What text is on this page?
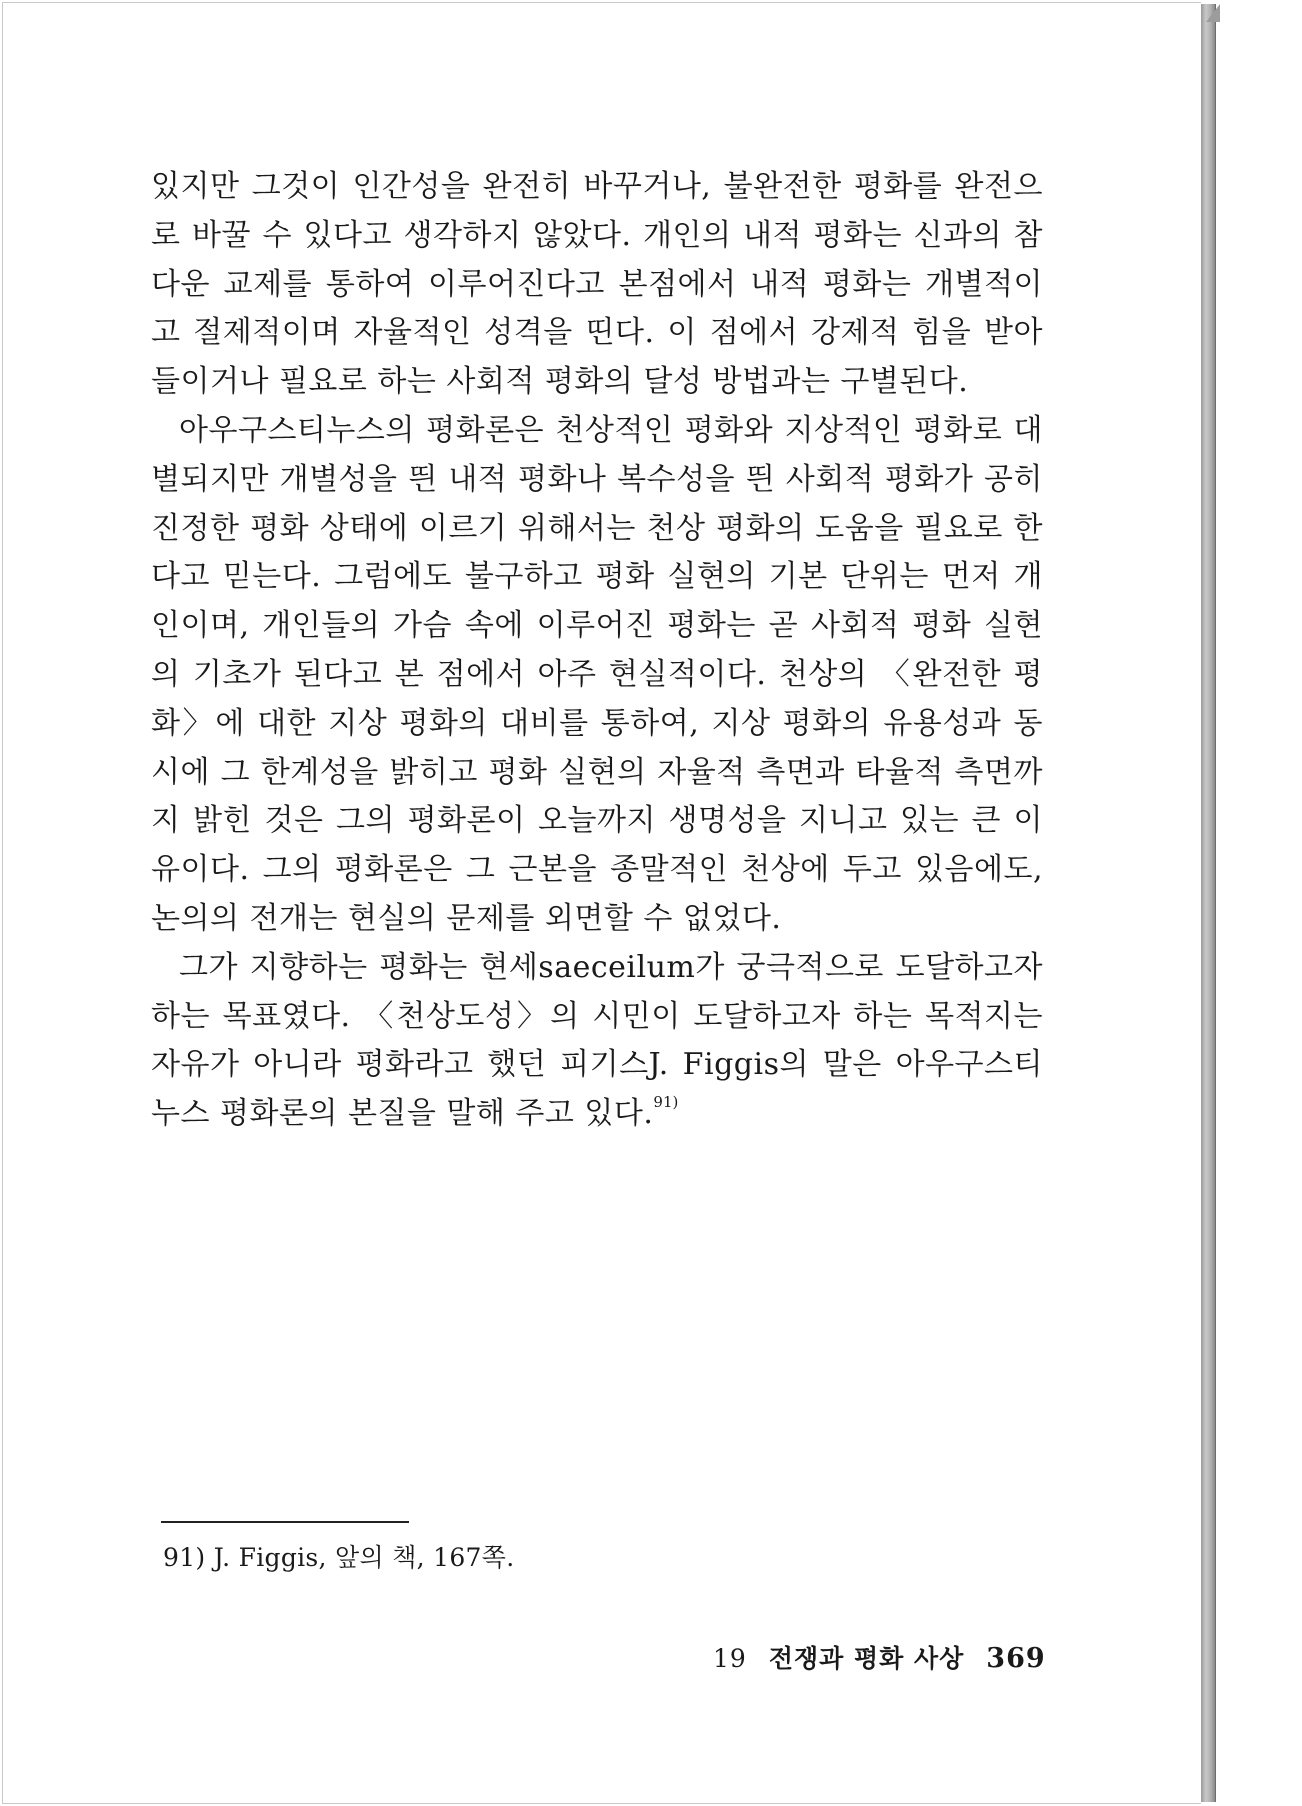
있지만 그것이 인간성을 완전히 바꾸거나, 불완전한 평화를 완전으로 바꿀 수 있다고 생각하지 않았다. 개인의 내적 평화는 신과의 참다운 교제를 통하여 이루어진다고 본점에서 내적 평화는 개별적이고 절제적이며 자율적인 성격을 띤다. 이 점에서 강제적 힘을 받아들이거나 필요로 하는 사회적 평화의 달성 방법과는 구별된다.

아우구스티누스의 평화론은 천상적인 평화와 지상적인 평화로 대별되지만 개별성을 띈 내적 평화나 복수성을 띈 사회적 평화가 공히 진정한 평화 상태에 이르기 위해서는 천상 평화의 도움을 필요로 한다고 믿는다. 그럼에도 불구하고 평화 실현의 기본 단위는 먼저 개인이며, 개인들의 가슴 속에 이루어진 평화는 곧 사회적 평화 실현의 기초가 된다고 본 점에서 아주 현실적이다. 천상의 〈완전한 평화〉에 대한 지상 평화의 대비를 통하여, 지상 평화의 유용성과 동시에 그 한계성을 밝히고 평화 실현의 자율적 측면과 타율적 측면까지 밝힌 것은 그의 평화론이 오늘까지 생명성을 지니고 있는 큰 이유이다. 그의 평화론은 그 근본을 종말적인 천상에 두고 있음에도, 논의의 전개는 현실의 문제를 외면할 수 없었다.

그가 지향하는 평화는 현세saeceilum가 궁극적으로 도달하고자 하는 목표였다. 〈천상도성〉의 시민이 도달하고자 하는 목적지는 자유가 아니라 평화라고 했던 피기스J. Figgis의 말은 아우구스티누스 평화론의 본질을 말해 주고 있다.$^{91)}$

91) J. Figgis, 앞의 책, 167쪽.
19 전쟁과 평화 사상 369
